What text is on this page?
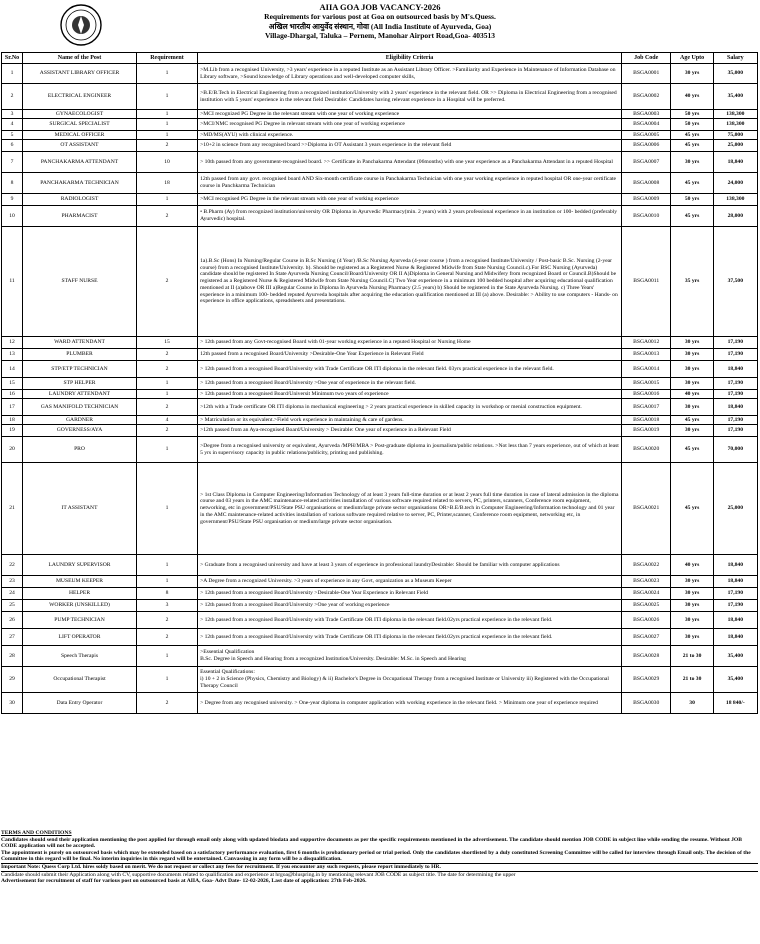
AIIA GOA JOB VACANCY-2026
Requirements for various post at Goa on outsourced basis by M's.Quess.
अखिल भारतीय आयुर्वेद संस्थान, गोवा (All India Institute of Ayurveda, Goa)
Village-Dhargal, Taluka – Pernem, Manohar Airport Road,Goa- 403513
Sr.No	Name of the Post	Requirement	Eligibility Criteria	Job Code	Age Upto	Salary
1	ASSISTANT LIBRARY OFFICER	1	>M.Lib from a recognised University, >3 years' experience in a reputed Institute as an Assistant Library Officer. >Familiarity and Experience in Maintenance of Information Database on Library software, >Sound knowledge of Library operations and well-developed computer skills,	BSGA0001	30 yrs	35,000
2	ELECTRICAL ENGINEER	1	>B.E/B.Tech in Electrical Engineering from a recognized institution/University with 2 years' experience in the relevant field. OR >> Diploma in Electrical Engineering from a recognised institution with 5 years' experience in the relevant field Desirable: Candidates having relevant experience in a Hospital will be preferred.	BSGA0002	40 yrs	35,400
3	GYNAECOLOGIST	1	>MCI recognized PG Degree in the relevant stream with one year of working experience	BSGA0003	50 yrs	138,300
4	SURGICAL SPECIALIST	1	>MCI/NMC recognised PG Degree in relevant stream with one year of working experience	BSGA0004	50 yrs	138,300
5	MEDICAL OFFICER	1	>MD/MS(AYU) with clinical experience.	BSGA0005	45 yrs	75,000
6	OT ASSISTANT	2	>10+2 in science from any recognised board >>Diploma in OT Assistant 3 years experience in the relevant field	BSGA0006	45 yrs	25,000
7	PANCHAKARMA ATTENDANT	10	> 10th passed from any government-recognised board. >> Certificate in Panchakarma Attendant (06months) with one year experience as a Panchakarma Attendant in a reputed Hospital	BSGA0007	30 yrs	18,840
8	PANCHAKARMA TECHNICIAN	18	12th passed from any govt. recognised board AND Six-month certificate course in Panchakarma Technician with one year working experience in reputed hospital OR one-year certificate course in Panchkarma Technician	BSGA0008	45 yrs	24,000
9	RADIOLOGIST	1	>MCI recognised PG Degree in the relevant stream with one year of working experience	BSGA0009	50 yrs	138,300
10	PHARMACIST	2	• B.Pharm (Ay) from recognized institution/university OR Diploma in Ayurvedic Pharmacy(min. 2 years) with 2 years professional experience in an institution or 100- bedded (preferably Ayurvedic) hospital.	BSGA0010	45 yrs	28,000
11	STAFF NURSE	2	1a).B.Sc (Hons) In Nursing/Regular Course in B.Sc Nursing (4 Year) /B.Sc Nursing Ayurveda (4-year course ) from a recognised Institute/University / Post-basic B.Sc. Nursing (2-year course) from a recognised Institute/University. b). Should be registered as a Registered Nurse & Registered Midwife from State Nursing Council.c).For BSC Nursing (Ayurveda) candidate should be registered In State Ayurveda Nursing Council/Board/University OR II A)Diploma in General Nursing and Midwifery from recognized Board or Council.B)Should be registered as a Registered Nurse & Registered Midwife from State Nursing Council.C) Two Year experience in a minimum 100 bedded hospital after acquiring educational qualification mentioned at II (a)above OR III a)Regular Course in Diploma In Ayurveda Nursing Pharmacy (2.5 years) b) Should be registered in the State Ayurveda Nursing. c) Three Years' experience in a minimum 100- bedded reputed Ayurveda hospitals after acquiring the education qualification mentioned at III (a) above. Desirable: > Ability to use computers - Hands- on experience in office applications, spreadsheets and presentations.	BSGA0011	35 yrs	37,500
12	WARD ATTENDANT	15	> 12th passed from any Govt-recognised Board with 01-year working experience in a reputed Hospital or Nursing Home	BSGA0012	30 yrs	17,190
13	PLUMBER	2	12th passed from a recognised Board/University >Desirable-One Year Experience in Relevant Field	BSGA0013	30 yrs	17,190
14	STP/ETP TECHNICIAN	2	> 12th passed from a recognised Board/University with Trade Certificate OR ITI diploma in the relevant field. 03yrs practical experience in the relevant field.	BSGA0014	30 yrs	18,840
15	STP HELPER	1	> 12th passed from a recognised Board/University >One year of experience in the relevant field.	BSGA0015	30 yrs	17,190
16	LAUNDRY ATTENDANT	1	> 12th passed from a recognised Board/Universit Minimum two years of experience	BSGA0016	40 yrs	17,190
17	GAS MANIFOLD TECHNICIAN	2	>12th with a Trade certificate OR ITI diploma in mechanical engineering > 2 years practical experience in skilled capacity in workshop or menial construction equipment.	BSGA0017	30 yrs	18,840
18	GARDNER	4	> Matriculation or its equivalent.>Field work experience in maintaining & care of gardens.	BSGA0018	45 yrs	17,190
19	GOVERNESS/AYA	2	>12th passed from an Aya-recognised Board/University > Desirable: One year of experience in a Relevant Field	BSGA0019	30 yrs	17,190
20	PRO	1	>Degree from a recognised university or equivalent, Ayurveda /MPH/MBA > Post-graduate diploma in journalism/public relations. >Not less than 7 years experience, out of which at least 5 yrs in supervisory capacity in public relations/publicity, printing and publishing.	BSGA0020	45 yrs	70,000
21	IT ASSISTANT	1	> 1st Class Diploma in Computer Engineering/Information Technology of at least 3 years full-time duration or at least 2 years full time duration in case of lateral admission in the diploma course and 03 years in the AMC maintenance-related activities installation of various software required related to servers, PC, printers, scanners, Conference room equipment, networking, etc in government/PSU/State PSU organisations or medium/large private sector organisations OR>B.E/B.tech in Computer Engineering/Information technology and 01 year in the AMC maintenance-related activities installation of various software required relative to server, PC, Printer,scanner, Conference room equipment, networking etc, in government/PSU/State PSU organisation or medium/large private sector organisation.	BSGA0021	45 yrs	25,000
22	LAUNDRY SUPERVISOR	1	> Graduate from a recognised university and have at least 3 years of experience in professional laundryDesirable: Should be familiar with computer applications	BSGA0022	40 yrs	18,840
23	MUSEUM KEEPER	1	>A Degree from a recognized University. >3 years of experience in any Govt, organization as a Museum Keeper	BSGA0023	30 yrs	18,840
24	HELPER	8	> 12th passed from a recognised Board/University >Desirable-One Year Experience in Relevant Field	BSGA0024	30 yrs	17,190
25	WORKER (UNSKILLED)	3	> 12th passed from a recognised Board/University >One year of working experience	BSGA0025	30 yrs	17,190
26	PUMP TECHNICIAN	2	> 12th passed from a recognised Board/University with Trade Certificate OR ITI diploma in the relevant field.02yrs practical experience in the relevant field.	BSGA0026	30 yrs	18,840
27	LIFT OPERATOR	2	> 12th passed from a recognised Board/University with Trade Certificate OR ITI diploma in the relevant field.02yrs practical experience in the relevant field.	BSGA0027	30 yrs	18,840
28	Speech Therapis	1	>Essential Qualification
B.Sc. Degree in Speech and Hearing from a recognized Institution/University. Desirable: M.Sc. in Speech and Hearing	BSGA0028	21 to 30	35,400
29	Occupational Therapist	1	Essential Qualifications:
i) 10 + 2 in Science (Physics, Chemistry and Biology) & ii) Bachelor's Degree in Occupational Therapy from a recognised Institute or University iii) Registered with the Occupational Therapy Council	BSGA0029	21 to 30	35,400
30	Data Entry Operator	2	> Degree from any recognised university. > One-year diploma in computer application with working experience in the relevant field. > Minimum one year of experience required	BSGA0030	30	18 840/-

TERMS AND CONDITIONS

Candidates should send their application mentioning the post applied for through email only along with updated biodata and supportive documents as per the specific requirements mentioned in the advertisement. The candidate should mention JOB CODE in subject line while sending the resume. Without JOB CODE application will not be accepted.

The appointment is purely on outsourced basis which may be extended based on a satisfactory performance evaluation, first 6 months is probationary period or trial period. Only the candidates shortlisted by a duly constituted Screening Committee will be called for interview through Email only. The decision of the Committee in this regard will be final. No interim inquiries in this regard will be entertained. Canvassing in any form will be a disqualification.

Important Note: Quess Corp Ltd. hires soldy based on merit. We do not request or collect any fees for recruitment. If you encounter any such requests, please report immediately to HR.

Candidate should submit their Application along with CV, supportive documents related to qualification and experience at hrgoa@bluspring.in by mentioning relevant JOB CODE as subject title. The date for determining the upper

Advertisement for recruitment of staff for various post on outsourced basis at AIIA, Goa- Advt Date- 12-02-2026, Last date of application: 27th Feb-2026.
